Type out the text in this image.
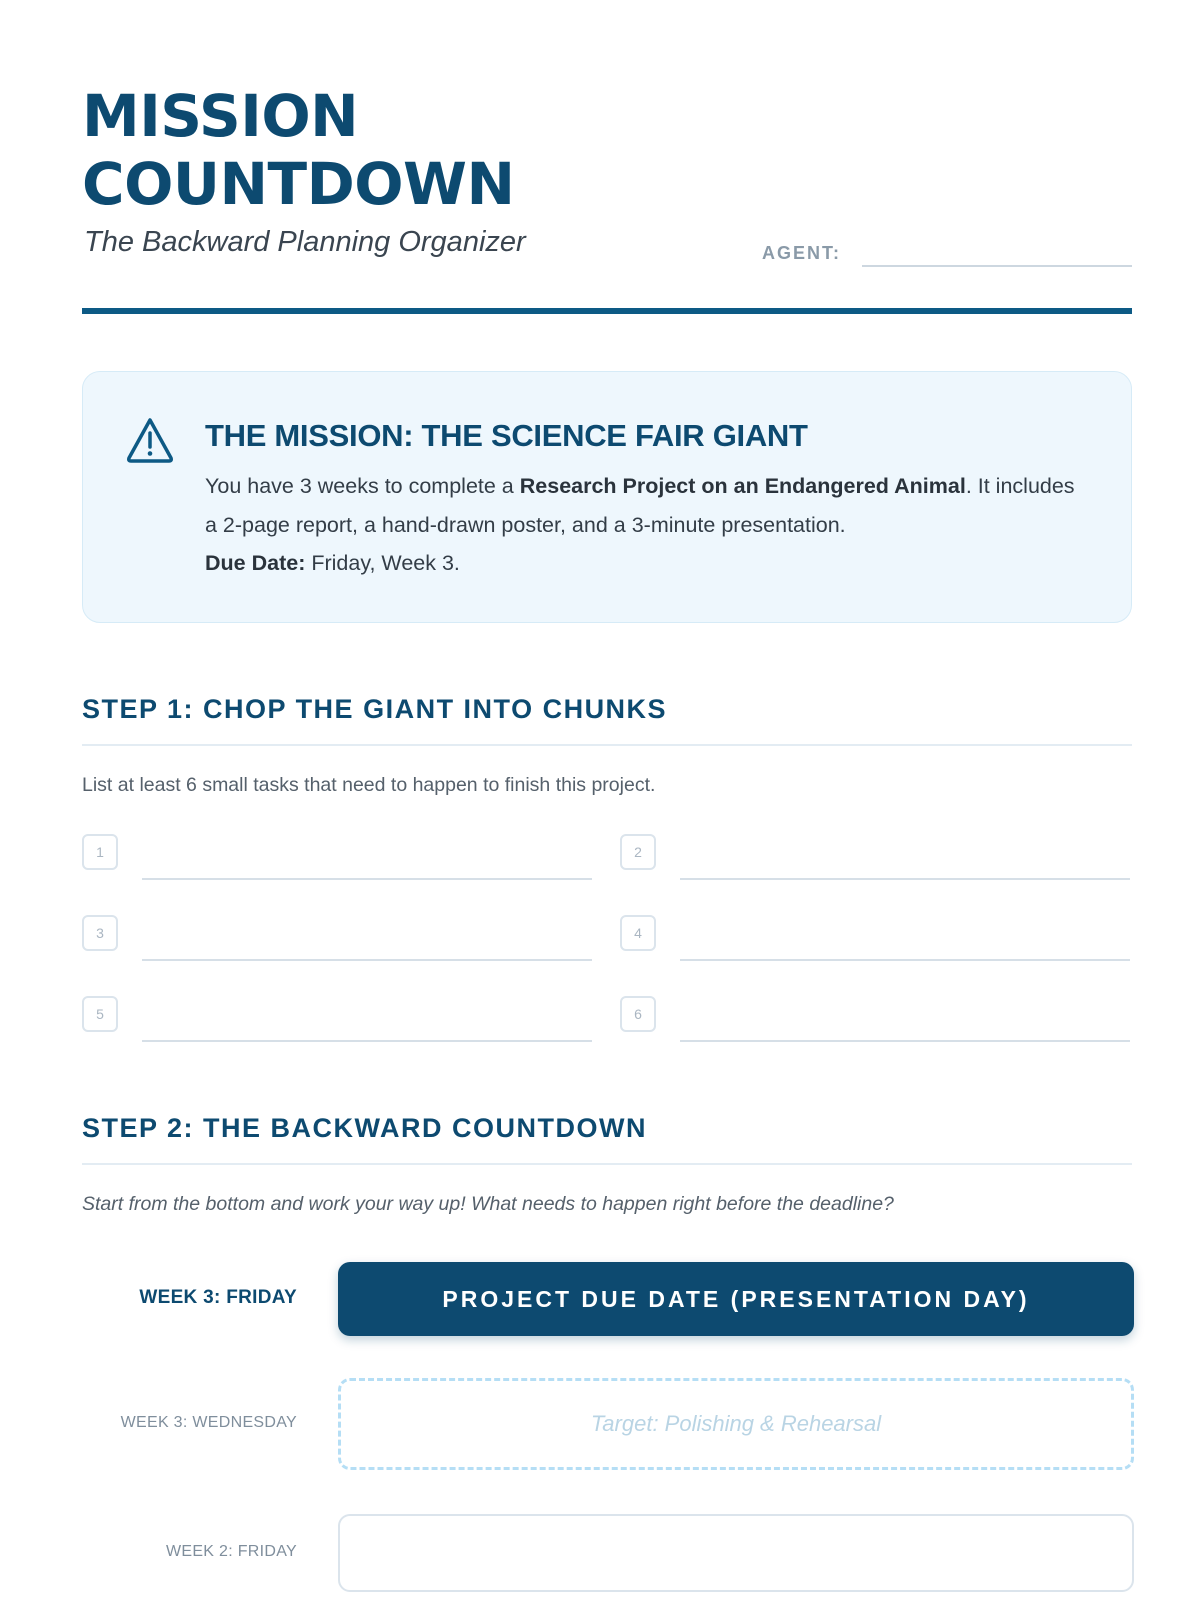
MISSION
COUNTDOWN
The Backward Planning Organizer	AGENT:
THE MISSION: THE SCIENCE FAIR GIANT
You have 3 weeks to complete a Research Project on an Endangered Animal. It includes a 2-page report, a hand-drawn poster, and a 3-minute presentation.
Due Date: Friday, Week 3.
STEP 1: CHOP THE GIANT INTO CHUNKS
List at least 6 small tasks that need to happen to finish this project.
1	2
3	4
5	6
STEP 2: THE BACKWARD COUNTDOWN
Start from the bottom and work your way up! What needs to happen right before the deadline?
WEEK 3: FRIDAY	PROJECT DUE DATE (PRESENTATION DAY)
WEEK 3: WEDNESDAY	Target: Polishing & Rehearsal
WEEK 2: FRIDAY
